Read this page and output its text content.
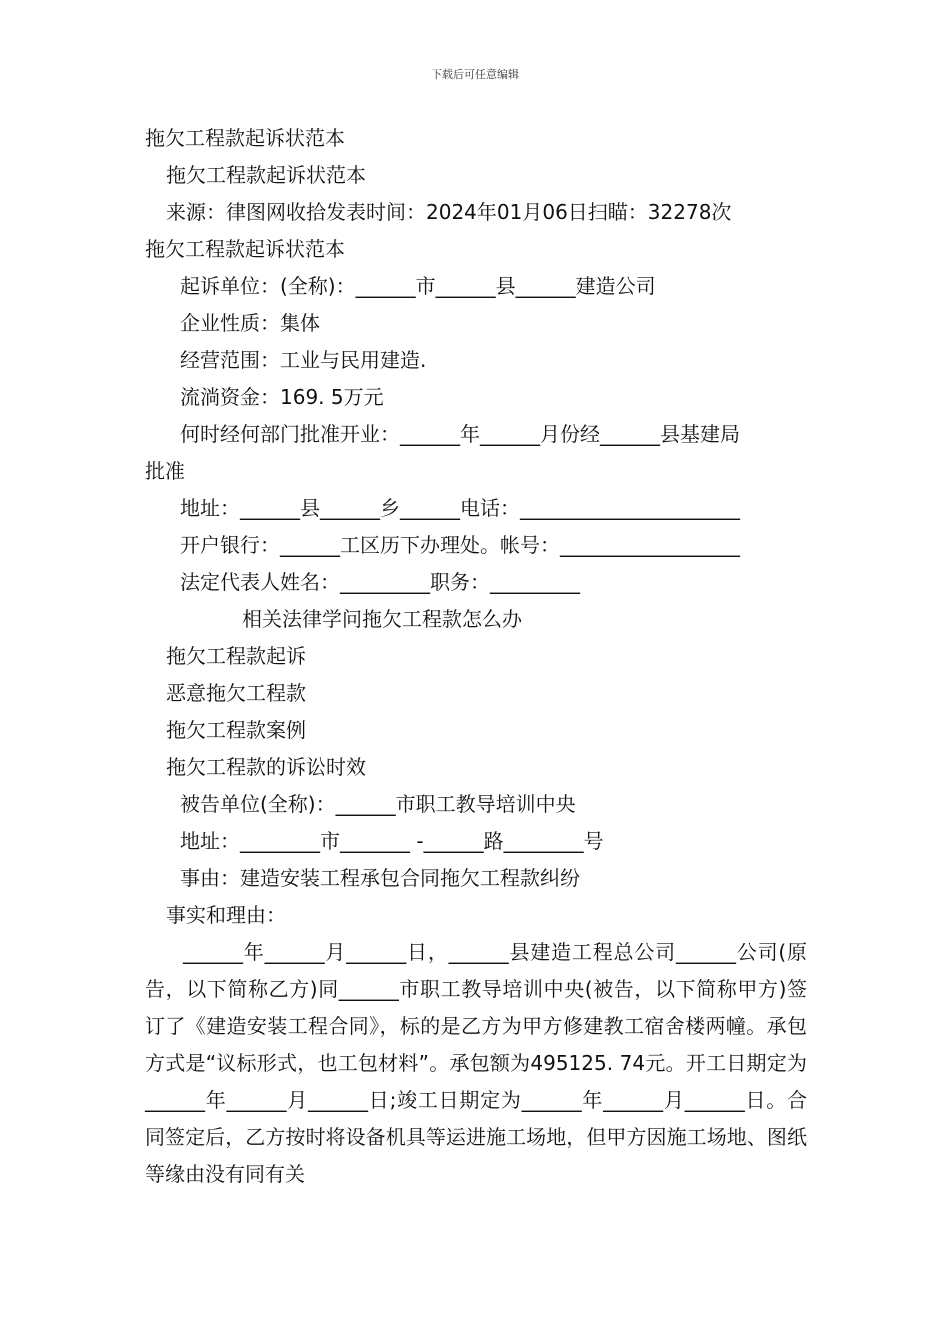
下载后可任意编辑

拖欠工程款起诉状范本

拖欠工程款起诉状范本

来源：律图网收拾发表时间：2024年01月06日扫瞄：32278次

拖欠工程款起诉状范本

起诉单位：(全称)：______市______县______建造公司

企业性质：集体

经营范围：工业与民用建造.

流淌资金：169. 5万元

何时经何部门批准开业：______年______月份经______县基建局

批准

地址：______县______乡______电话：______________________

开户银行：______工区历下办理处。帐号：__________________

法定代表人姓名：_________职务：_________

相关法律学问拖欠工程款怎么办

拖欠工程款起诉

恶意拖欠工程款

拖欠工程款案例

拖欠工程款的诉讼时效

被告单位(全称)：______市职工教导培训中央

地址：________市_______ -______路________号

事由：建造安装工程承包合同拖欠工程款纠纷

事实和理由：

______年______月______日，______县建造工程总公司______公司(原告，以下简称乙方)同______市职工教导培训中央(被告，以下简称甲方)签订了《建造安装工程合同》，标的是乙方为甲方修建教工宿舍楼两幢。承包方式是“议标形式，也工包材料”。承包额为495125. 74元。开工日期定为______年______月______日;竣工日期定为______年______月______日。合同签定后，乙方按时将设备机具等运进施工场地，但甲方因施工场地、图纸等缘由没有同有关
